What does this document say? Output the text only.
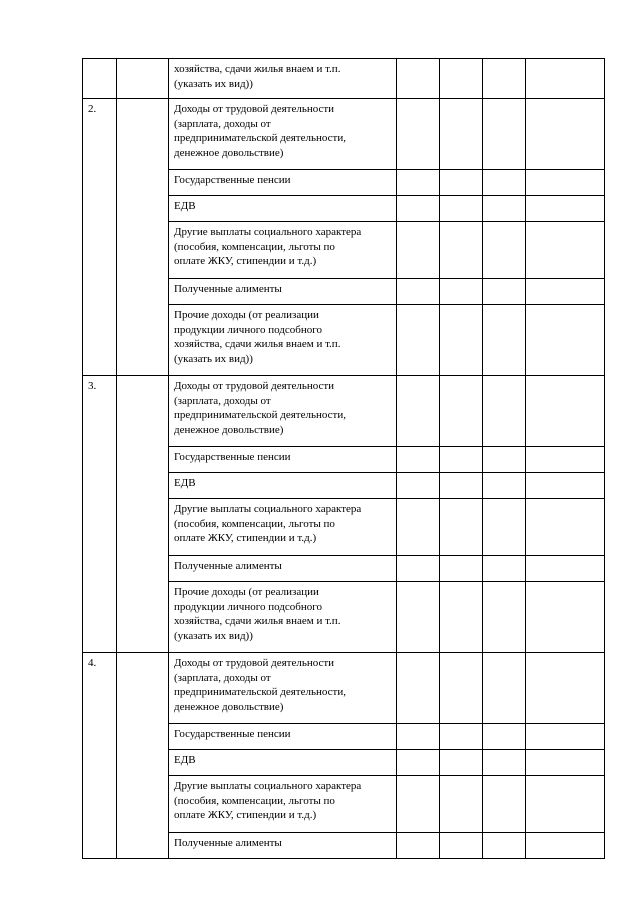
		хозяйства, сдачи жилья внаем и т.п.
(указать их вид))				

2.		Доходы от трудовой деятельности
(зарплата, доходы от
предпринимательской деятельности,
денежное довольствие)				

		Государственные пенсии				

		ЕДВ				

		Другие выплаты социального характера
(пособия, компенсации, льготы по
оплате ЖКУ, стипендии и т.д.)				

		Полученные алименты				

		Прочие доходы (от реализации
продукции личного подсобного
хозяйства, сдачи жилья внаем и т.п.
(указать их вид))				

3.		Доходы от трудовой деятельности
(зарплата, доходы от
предпринимательской деятельности,
денежное довольствие)				

		Государственные пенсии				

		ЕДВ				

		Другие выплаты социального характера
(пособия, компенсации, льготы по
оплате ЖКУ, стипендии и т.д.)				

		Полученные алименты				

		Прочие доходы (от реализации
продукции личного подсобного
хозяйства, сдачи жилья внаем и т.п.
(указать их вид))				

4.		Доходы от трудовой деятельности
(зарплата, доходы от
предпринимательской деятельности,
денежное довольствие)				

		Государственные пенсии				

		ЕДВ				

		Другие выплаты социального характера
(пособия, компенсации, льготы по
оплате ЖКУ, стипендии и т.д.)				

		Полученные алименты				
